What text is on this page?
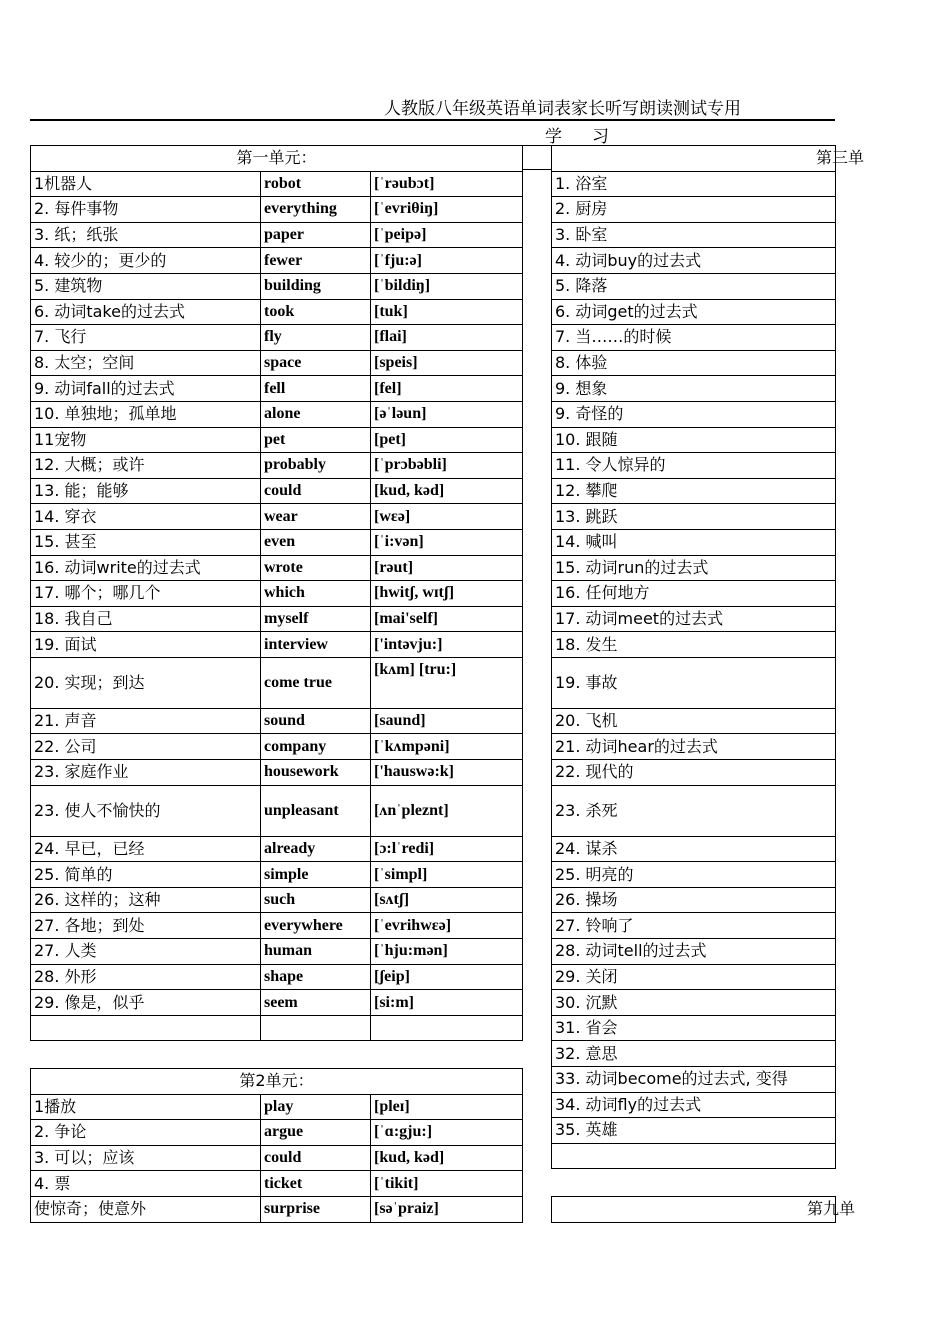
人教版八年级英语单词表家长听写朗读测试专用
学习
第一单元：		
1机器人	robot	[ˈrəubɔt]
2. 每件事物	everything	[ˈevriθiŋ]
3. 纸；纸张	paper	[ˈpeipə]
4. 较少的；更少的	fewer	[ˈfju:ə]
5. 建筑物	building	[ˈbildiŋ]
6. 动词take的过去式	took	[tuk]
7. 飞行	fly	[flai]
8. 太空；空间	space	[speis]
9. 动词fall的过去式	fell	[fel]
10. 单独地；孤单地	alone	[əˈləun]
11宠物	pet	[pet]
12. 大概；或许	probably	[ˈprɔbəbli]
13. 能；能够	could	[kud, kəd]
14. 穿衣	wear	[wɛə]
15. 甚至	even	[ˈi:vən]
16. 动词write的过去式	wrote	[rəut]
17. 哪个；哪几个	which	[hwitʃ, wɪtʃ]
18. 我自己	myself	[mai'self]
19. 面试	interview	['intəvju:]
20. 实现；到达	come true	[kʌm] [tru:]
21. 声音	sound	[saund]
22. 公司	company	[ˈkʌmpəni]
23. 家庭作业	housework	['hauswə:k]
23. 使人不愉快的	unpleasant	[ʌnˈpleznt]
24. 早已，已经	already	[ɔ:lˈredi]
25. 简单的	simple	[ˈsimpl]
26. 这样的；这种	such	[sʌtʃ]
27. 各地；到处	everywhere	[ˈevrihwɛə]
27. 人类	human	[ˈhju:mən]
28. 外形	shape	[ʃeip]
29. 像是，似乎	seem	[si:m]

第2单元：		
1播放	play	[pleɪ]
2. 争论	argue	[ˈɑ:gju:]
3. 可以；应该	could	[kud, kəd]
4. 票	ticket	[ˈtikit]
使惊奇；使意外	surprise	[səˈpraiz]
第三单
1. 浴室
2. 厨房
3. 卧室
4. 动词buy的过去式
5. 降落
6. 动词get的过去式
7. 当……的时候
8. 体验
9. 想象
9. 奇怪的
10. 跟随
11. 令人惊异的
12. 攀爬
13. 跳跃
14. 喊叫
15. 动词run的过去式
16. 任何地方
17. 动词meet的过去式
18. 发生
19. 事故
20. 飞机
21. 动词hear的过去式
22. 现代的
23. 杀死
24. 谋杀
25. 明亮的
26. 操场
27. 铃响了
28. 动词tell的过去式
29. 关闭
30. 沉默
31. 省会
32. 意思
33. 动词become的过去式, 变得
34. 动词fly的过去式
35. 英雄

第九单
